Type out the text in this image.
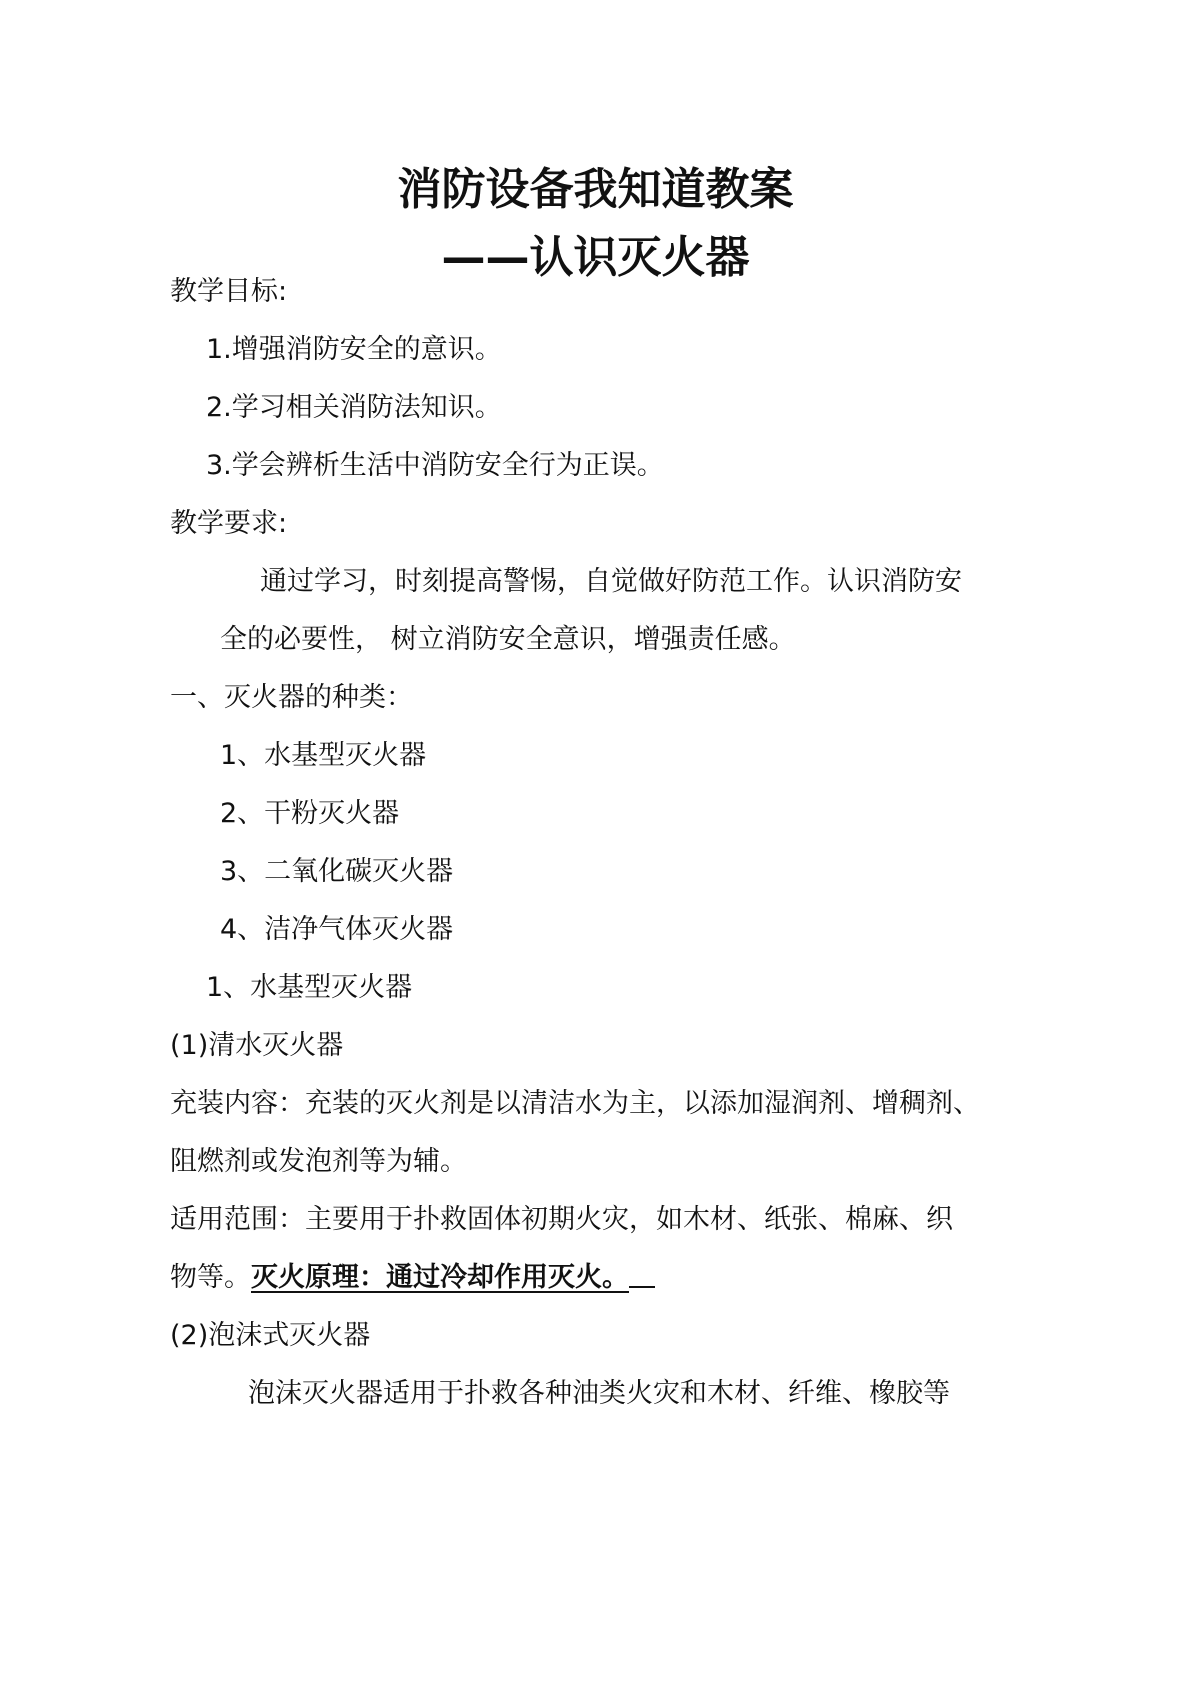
消防设备我知道教案
——认识灭火器

教学目标:

1.增强消防安全的意识。

2.学习相关消防法知识。

3.学会辨析生活中消防安全行为正误。

教学要求:

通过学习，时刻提高警惕，自觉做好防范工作。认识消防安

全的必要性， 树立消防安全意识，增强责任感。

一、灭火器的种类：

1、水基型灭火器

2、干粉灭火器

3、二氧化碳灭火器

4、洁净气体灭火器

1、水基型灭火器

(1)清水灭火器

充装内容：充装的灭火剂是以清洁水为主，以添加湿润剂、增稠剂、

阻燃剂或发泡剂等为辅。

适用范围：主要用于扑救固体初期火灾，如木材、纸张、棉麻、织

物等。灭火原理：通过冷却作用灭火。

(2)泡沫式灭火器

泡沫灭火器适用于扑救各种油类火灾和木材、纤维、橡胶等
